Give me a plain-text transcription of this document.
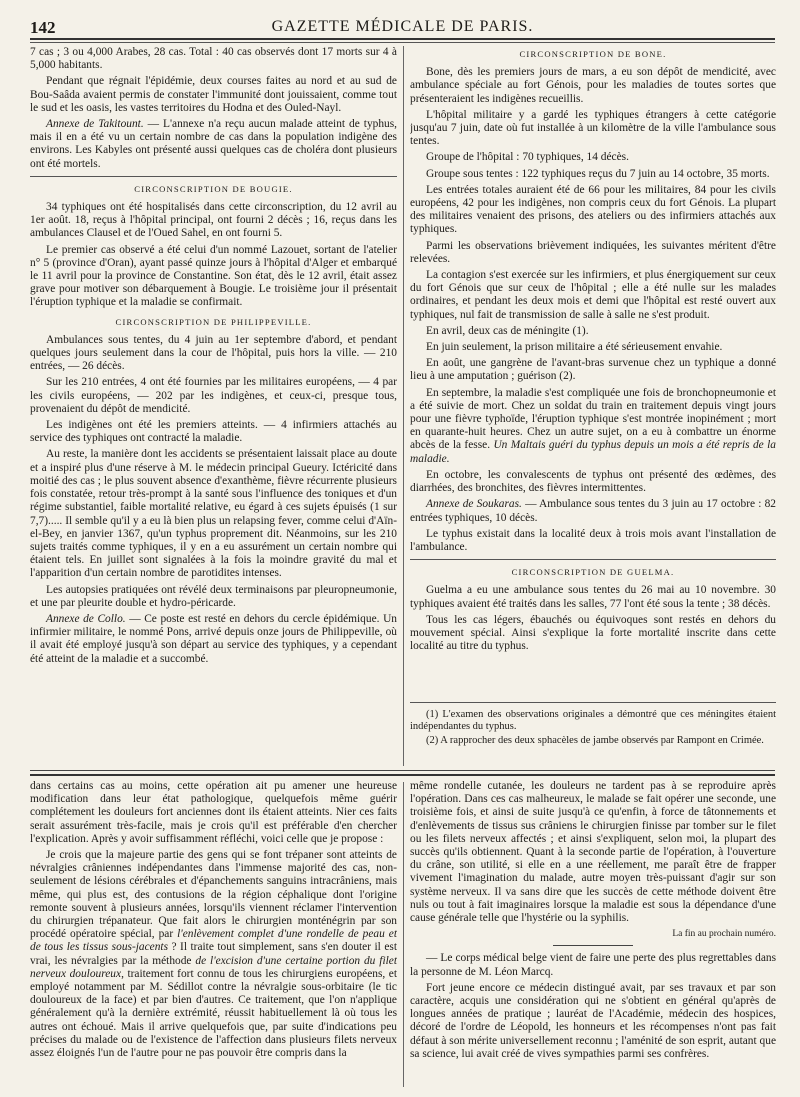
142	GAZETTE MÉDICALE DE PARIS.

7 cas ; 3 ou 4,000 Arabes, 28 cas. Total : 40 cas observés dont 17 morts sur 4 à 5,000 habitants.

Pendant que régnait l'épidémie, deux courses faites au nord et au sud de Bou-Saâda avaient permis de constater l'immunité dont jouissaient, comme tout le sud et les oasis, les vastes territoires du Hodna et des Ouled-Nayl.

Annexe de Takitount. — L'annexe n'a reçu aucun malade atteint de typhus, mais il en a été vu un certain nombre de cas dans la population indigène des environs. Les Kabyles ont présenté aussi quelques cas de choléra dont plusieurs ont été mortels.

CIRCONSCRIPTION DE BOUGIE.

34 typhiques ont été hospitalisés dans cette circonscription, du 12 avril au 1er août. 18, reçus à l'hôpital principal, ont fourni 2 décès ; 16, reçus dans les ambulances Clausel et de l'Oued Sahel, en ont fourni 5.

Le premier cas observé a été celui d'un nommé Lazouet, sortant de l'atelier n° 5 (province d'Oran), ayant passé quinze jours à l'hôpital d'Alger et embarqué le 11 avril pour la province de Constantine. Son état, dès le 12 avril, était assez grave pour motiver son débarquement à Bougie. Le troisième jour il présentait l'éruption typhique et la maladie se confirmait.

CIRCONSCRIPTION DE PHILIPPEVILLE.

Ambulances sous tentes, du 4 juin au 1er septembre d'abord, et pendant quelques jours seulement dans la cour de l'hôpital, puis hors la ville. — 210 entrées, — 26 décès.

Sur les 210 entrées, 4 ont été fournies par les militaires européens, — 4 par les civils européens, — 202 par les indigènes, et ceux-ci, presque tous, provenaient du dépôt de mendicité.

Les indigènes ont été les premiers atteints. — 4 infirmiers attachés au service des typhiques ont contracté la maladie.

Au reste, la manière dont les accidents se présentaient laissait place au doute et a inspiré plus d'une réserve à M. le médecin principal Gueury. Ictéricité dans moitié des cas ; le plus souvent absence d'exanthème, fièvre récurrente plusieurs fois constatée, retour très-prompt à la santé sous l'influence des toniques et d'un régime substantiel, faible mortalité relative, eu égard à ces sujets épuisés (1 sur 7,7)..... Il semble qu'il y a eu là bien plus un relapsing fever, comme celui d'Aïn-el-Bey, en janvier 1367, qu'un typhus proprement dit. Néanmoins, sur les 210 sujets traités comme typhiques, il y en a eu assurément un certain nombre qui étaient tels. En juillet sont signalées à la fois la moindre gravité du mal et l'apparition d'un certain nombre de parotidites intenses.

Les autopsies pratiquées ont révélé deux terminaisons par pleuropneumonie, et une par pleurite double et hydro-péricarde.

Annexe de Collo. — Ce poste est resté en dehors du cercle épidémique. Un infirmier militaire, le nommé Pons, arrivé depuis onze jours de Philippeville, où il avait été employé jusqu'à son départ au service des typhiques, y a cependant été atteint de la maladie et a succombé.

CIRCONSCRIPTION DE BONE.

Bone, dès les premiers jours de mars, a eu son dépôt de mendicité, avec ambulance spéciale au fort Génois, pour les maladies de toutes sortes que présenteraient les indigènes recueillis.

L'hôpital militaire y a gardé les typhiques étrangers à cette catégorie jusqu'au 7 juin, date où fut installée à un kilomètre de la ville l'ambulance sous tentes.

Groupe de l'hôpital : 70 typhiques, 14 décès.

Groupe sous tentes : 122 typhiques reçus du 7 juin au 14 octobre, 35 morts.

Les entrées totales auraient été de 66 pour les militaires, 84 pour les civils européens, 42 pour les indigènes, non compris ceux du fort Génois. La plupart des militaires venaient des prisons, des ateliers ou des infirmiers attachés aux typhiques.

Parmi les observations brièvement indiquées, les suivantes méritent d'être relevées.

La contagion s'est exercée sur les infirmiers, et plus énergiquement sur ceux du fort Génois que sur ceux de l'hôpital ; elle a été nulle sur les malades ordinaires, et pendant les deux mois et demi que l'hôpital est resté ouvert aux typhiques, nul fait de transmission de salle à salle ne s'est produit.

En avril, deux cas de méningite (1).

En juin seulement, la prison militaire a été sérieusement envahie.

En août, une gangrène de l'avant-bras survenue chez un typhique a donné lieu à une amputation ; guérison (2).

En septembre, la maladie s'est compliquée une fois de bronchopneumonie et a été suivie de mort. Chez un soldat du train en traitement depuis vingt jours pour une fièvre typhoïde, l'éruption typhique s'est montrée inopinément ; mort en quarante-huit heures. Chez un autre sujet, on a eu à combattre un énorme abcès de la fesse. Un Maltais guéri du typhus depuis un mois a été repris de la maladie.

En octobre, les convalescents de typhus ont présenté des œdèmes, des diarrhées, des bronchites, des fièvres intermittentes.

Annexe de Soukaras. — Ambulance sous tentes du 3 juin au 17 octobre : 82 entrées typhiques, 10 décès.

Le typhus existait dans la localité deux à trois mois avant l'installation de l'ambulance.

CIRCONSCRIPTION DE GUELMA.

Guelma a eu une ambulance sous tentes du 26 mai au 10 novembre. 30 typhiques avaient été traités dans les salles, 77 l'ont été sous la tente ; 38 décès.

Tous les cas légers, ébauchés ou équivoques sont restés en dehors du mouvement spécial. Ainsi s'explique la forte mortalité inscrite dans cette localité au titre du typhus.

(1) L'examen des observations originales a démontré que ces méningites étaient indépendantes du typhus.

(2) A rapprocher des deux sphacèles de jambe observés par Rampont en Crimée.

dans certains cas au moins, cette opération ait pu amener une heureuse modification dans leur état pathologique, quelquefois même guérir complétement les douleurs fort anciennes dont ils étaient atteints. Nier ces faits serait assurément très-facile, mais je crois qu'il est préférable d'en chercher l'explication. Après y avoir suffisamment réfléchi, voici celle que je propose :

Je crois que la majeure partie des gens qui se font trépaner sont atteints de névralgies crâniennes indépendantes dans l'immense majorité des cas, non-seulement de lésions cérébrales et d'épanchements sanguins intracrâniens, mais même, qui plus est, des contusions de la région céphalique dont l'origine remonte souvent à plusieurs années, lorsqu'ils viennent réclamer l'intervention du chirurgien trépanateur. Que fait alors le chirurgien monténégrin par son procédé opératoire spécial, par l'enlèvement complet d'une rondelle de peau et de tous les tissus sous-jacents ? Il traite tout simplement, sans s'en douter il est vrai, les névralgies par la méthode de l'excision d'une certaine portion du filet nerveux douloureux, traitement fort connu de tous les chirurgiens européens, et employé notamment par M. Sédillot contre la névralgie sous-orbitaire (le tic douloureux de la face) et par bien d'autres. Ce traitement, que l'on n'applique généralement qu'à la dernière extrémité, réussit habituellement là où tous les autres ont échoué. Mais il arrive quelquefois que, par suite d'indications peu précises du malade ou de l'existence de l'affection dans plusieurs filets nerveux assez éloignés l'un de l'autre pour ne pas pouvoir être compris dans la

même rondelle cutanée, les douleurs ne tardent pas à se reproduire après l'opération. Dans ces cas malheureux, le malade se fait opérer une seconde, une troisième fois, et ainsi de suite jusqu'à ce qu'enfin, à force de tâtonnements et d'enlèvements de tissus sus crâniens le chirurgien finisse par tomber sur le filet ou les filets nerveux affectés ; et ainsi s'expliquent, selon moi, la plupart des succès qu'ils obtiennent. Quant à la seconde partie de l'opération, à l'ouverture du crâne, son utilité, si elle en a une réellement, me paraît être de frapper vivement l'imagination du malade, autre moyen très-puissant d'agir sur son système nerveux. Il va sans dire que les succès de cette méthode doivent être nuls ou tout à fait imaginaires lorsque la maladie est sous la dépendance d'une cause générale telle que l'hystérie ou la syphilis.

La fin au prochain numéro.

— Le corps médical belge vient de faire une perte des plus regrettables dans la personne de M. Léon Marcq.

Fort jeune encore ce médecin distingué avait, par ses travaux et par son caractère, acquis une considération qui ne s'obtient en général qu'après de longues années de pratique ; lauréat de l'Académie, médecin des hospices, décoré de l'ordre de Léopold, les honneurs et les récompenses n'ont pas fait défaut à son mérite universellement reconnu ; l'aménité de son esprit, autant que sa science, lui avait créé de vives sympathies parmi ses confrères.
